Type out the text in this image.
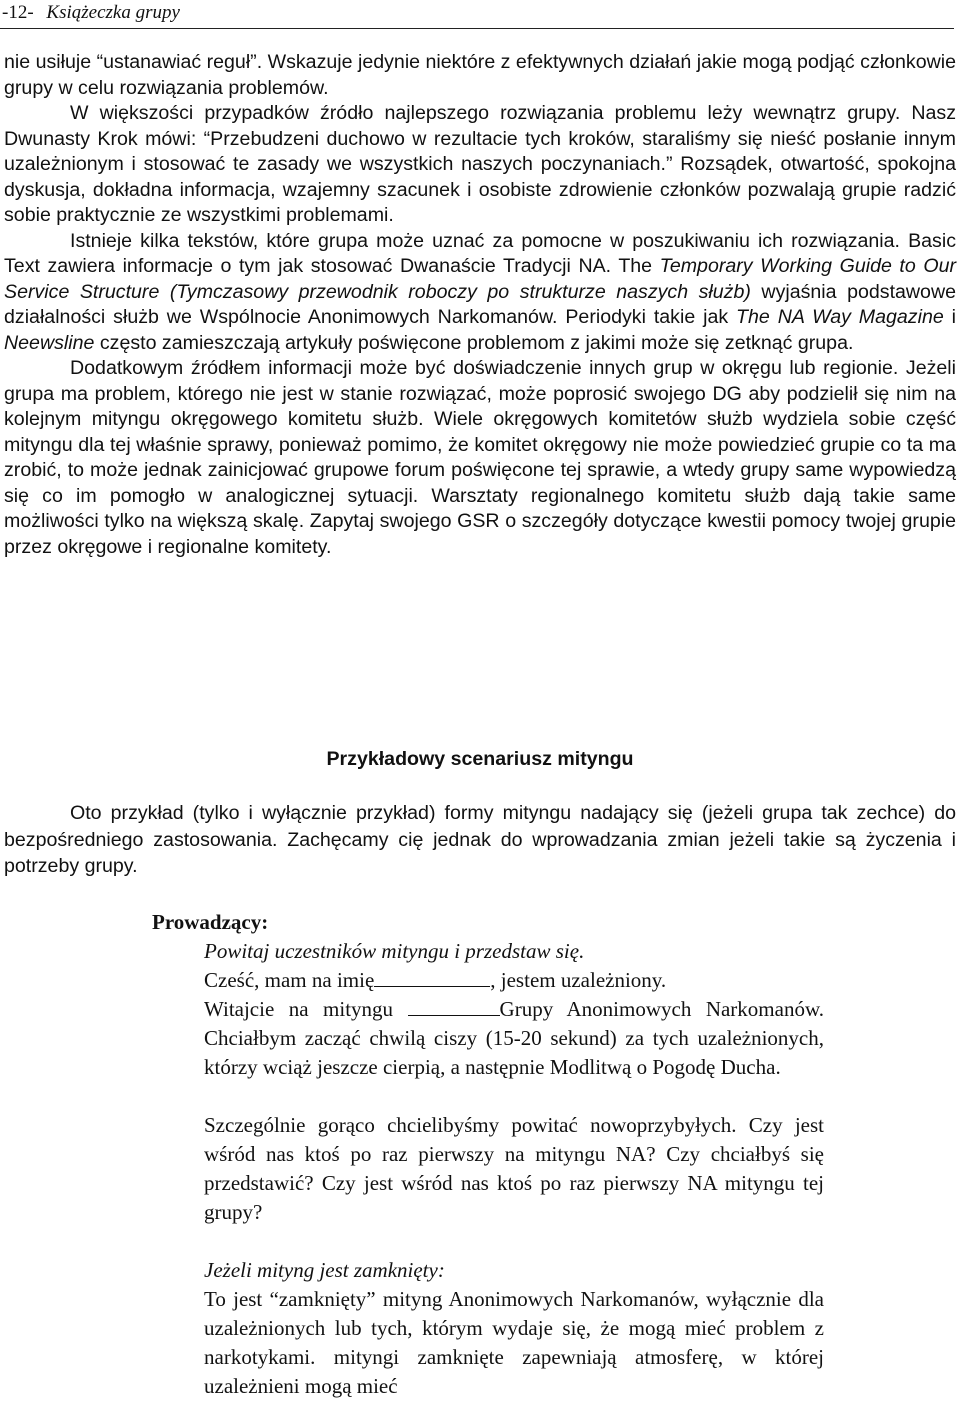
-12- Książeczka grupy

nie usiłuje “ustanawiać reguł”. Wskazuje jedynie niektóre z efektywnych działań jakie mogą podjąć członkowie grupy w celu rozwiązania problemów.

W większości przypadków źródło najlepszego rozwiązania problemu leży wewnątrz grupy. Nasz Dwunasty Krok mówi: “Przebudzeni duchowo w rezultacie tych kroków, staraliśmy się nieść posłanie innym uzależnionym i stosować te zasady we wszystkich naszych poczynaniach.” Rozsądek, otwartość, spokojna dyskusja, dokładna informacja, wzajemny szacunek i osobiste zdrowienie członków pozwalają grupie radzić sobie praktycznie ze wszystkimi problemami.

Istnieje kilka tekstów, które grupa może uznać za pomocne w poszukiwaniu ich rozwiązania. Basic Text zawiera informacje o tym jak stosować Dwanaście Tradycji NA. The Temporary Working Guide to Our Service Structure (Tymczasowy przewodnik roboczy po strukturze naszych służb) wyjaśnia podstawowe działalności służb we Wspólnocie Anonimowych Narkomanów. Periodyki takie jak The NA Way Magazine i Neewsline często zamieszczają artykuły poświęcone problemom z jakimi może się zetknąć grupa.

Dodatkowym źródłem informacji może być doświadczenie innych grup w okręgu lub regionie. Jeżeli grupa ma problem, którego nie jest w stanie rozwiązać, może poprosić swojego DG aby podzielił się nim na kolejnym mityngu okręgowego komitetu służb. Wiele okręgowych komitetów służb wydziela sobie część mityngu dla tej właśnie sprawy, ponieważ pomimo, że komitet okręgowy nie może powiedzieć grupie co ta ma zrobić, to może jednak zainicjować grupowe forum poświęcone tej sprawie, a wtedy grupy same wypowiedzą się co im pomogło w analogicznej sytuacji. Warsztaty regionalnego komitetu służb dają takie same możliwości tylko na większą skalę. Zapytaj swojego GSR o szczegóły dotyczące kwestii pomocy twojej grupie przez okręgowe i regionalne komitety.

Przykładowy scenariusz mityngu

Oto przykład (tylko i wyłącznie przykład) formy mityngu nadający się (jeżeli grupa tak zechce) do bezpośredniego zastosowania. Zachęcamy cię jednak do wprowadzania zmian jeżeli takie są życzenia i potrzeby grupy.

Prowadzący:

Powitaj uczestników mityngu i przedstaw się.

Cześć, mam na imię	, jestem uzależniony.

Witajcie na mityngu	Grupy Anonimowych Narkomanów. Chciałbym zacząć chwilą ciszy (15-20 sekund) za tych uzależnionych, którzy wciąż jeszcze cierpią, a następnie Modlitwą o Pogodę Ducha.

Szczególnie gorąco chcielibyśmy powitać nowoprzybyłych. Czy jest wśród nas ktoś po raz pierwszy na mityngu NA? Czy chciałbyś się przedstawić? Czy jest wśród nas ktoś po raz pierwszy NA mityngu tej grupy?

Jeżeli mityng jest zamknięty:

To jest “zamknięty” mityng Anonimowych Narkomanów, wyłącznie dla uzależnionych lub tych, którym wydaje się, że mogą mieć problem z narkotykami. mityngi zamknięte zapewniają atmosferę, w której uzależnieni mogą mieć
